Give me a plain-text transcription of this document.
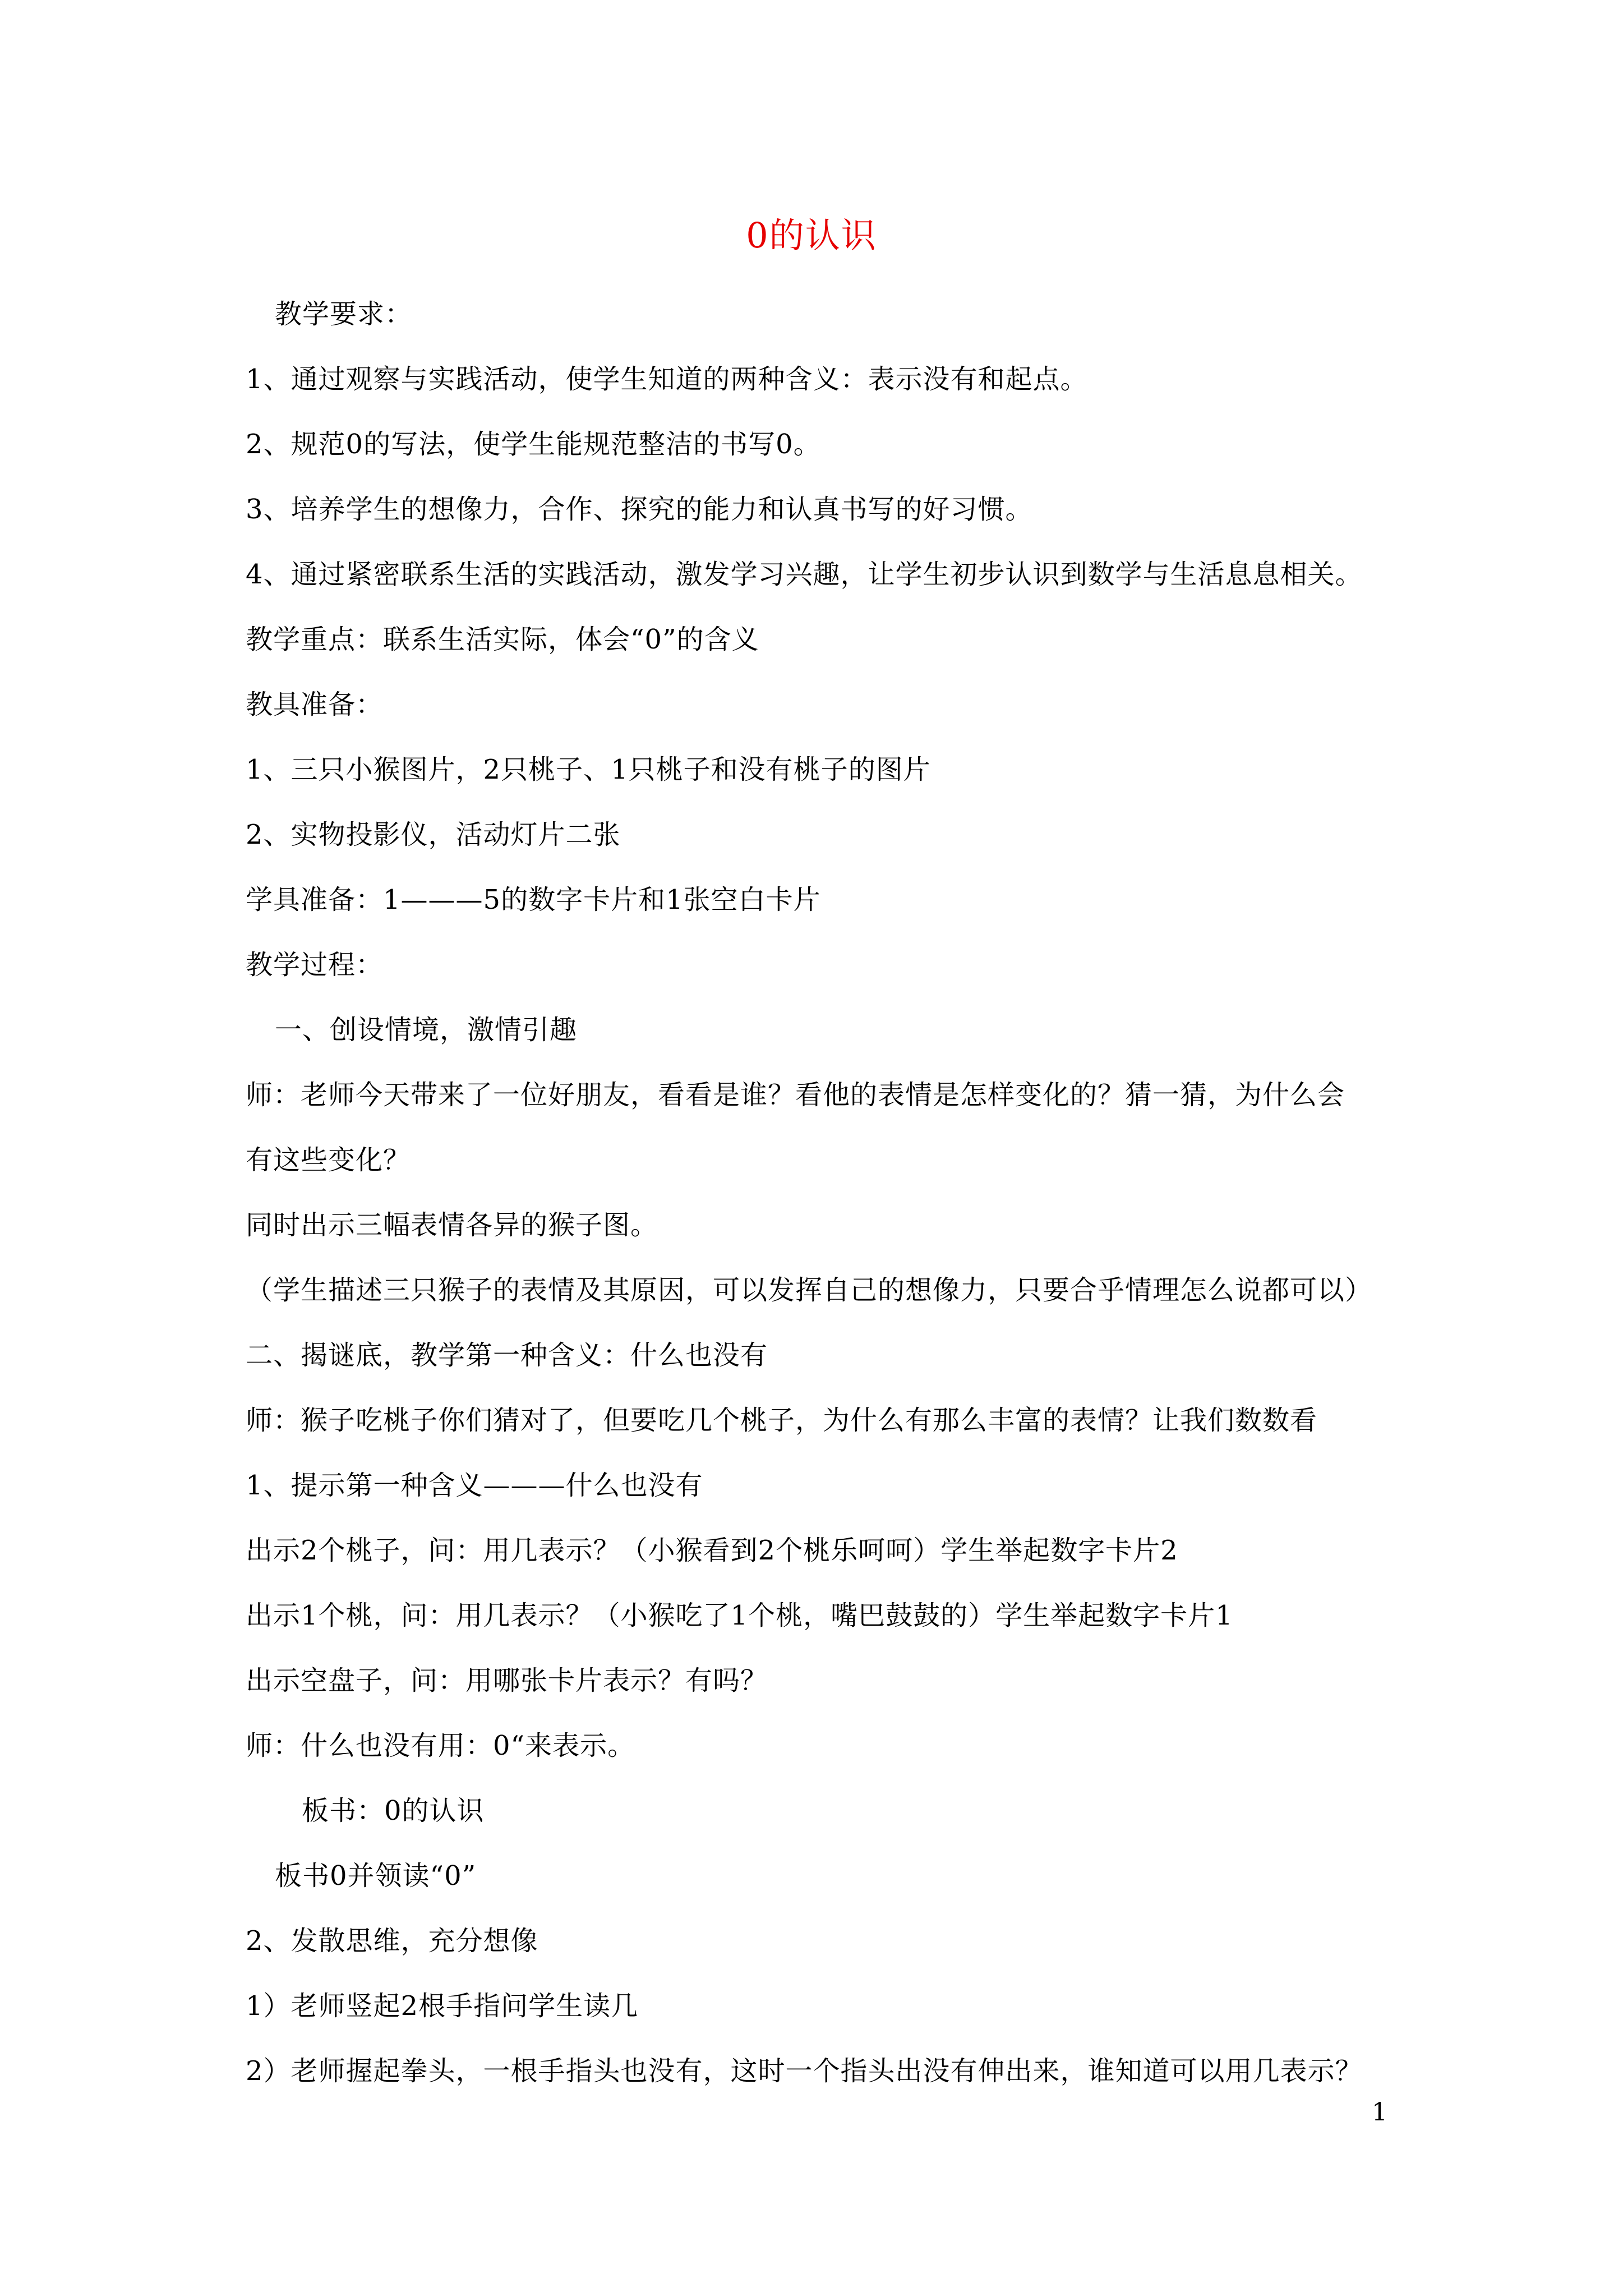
0的认识
教学要求：
1、通过观察与实践活动，使学生知道的两种含义：表示没有和起点。
2、规范0的写法，使学生能规范整洁的书写0。
3、培养学生的想像力，合作、探究的能力和认真书写的好习惯。
4、通过紧密联系生活的实践活动，激发学习兴趣，让学生初步认识到数学与生活息息相关。
教学重点：联系生活实际，体会“0”的含义
教具准备：
1、三只小猴图片，2只桃子、1只桃子和没有桃子的图片
2、实物投影仪，活动灯片二张
学具准备：1———5的数字卡片和1张空白卡片
教学过程：
一、创设情境，激情引趣
师：老师今天带来了一位好朋友，看看是谁？看他的表情是怎样变化的？猜一猜，为什么会
有这些变化？
同时出示三幅表情各异的猴子图。
（学生描述三只猴子的表情及其原因，可以发挥自己的想像力，只要合乎情理怎么说都可以）
二、揭谜底，教学第一种含义：什么也没有
师：猴子吃桃子你们猜对了，但要吃几个桃子，为什么有那么丰富的表情？让我们数数看
1、提示第一种含义———什么也没有
出示2个桃子，问：用几表示？（小猴看到2个桃乐呵呵）学生举起数字卡片2
出示1个桃，问：用几表示？（小猴吃了1个桃，嘴巴鼓鼓的）学生举起数字卡片1
出示空盘子，问：用哪张卡片表示？有吗？
师：什么也没有用：0“来表示。
板书：0的认识
板书0并领读“0”
2、发散思维，充分想像
1）老师竖起2根手指问学生读几
2）老师握起拳头，一根手指头也没有，这时一个指头出没有伸出来，谁知道可以用几表示？
1
